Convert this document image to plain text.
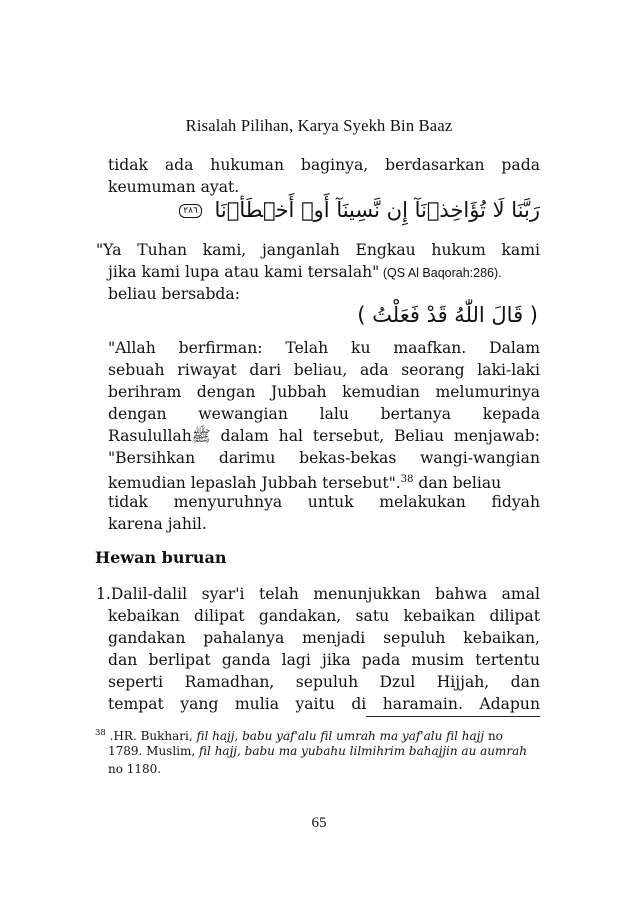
Risalah Pilihan, Karya Syekh Bin Baaz
tidak ada hukuman baginya, berdasarkan pada
keumuman ayat.
رَبَّنَا لَا تُؤَاخِذۡنَآ إِن نَّسِينَآ أَوۡ أَخۡطَأۡنَا ٢٨٦
"Ya Tuhan kami, janganlah Engkau hukum kami
jika kami lupa atau kami tersalah" (QS Al Baqorah:286).
beliau bersabda:
( قَالَ اللّٰهُ قَدْ فَعَلْتُ )
"Allah berfirman: Telah ku maafkan. Dalam
sebuah riwayat dari beliau, ada seorang laki-laki
berihram dengan Jubbah kemudian melumurinya
dengan wewangian lalu bertanya kepada
Rasulullahﷺ dalam hal tersebut, Beliau menjawab:
"Bersihkan darimu bekas-bekas wangi-wangian
kemudian lepaslah Jubbah tersebut".$^{38}$ dan beliau
tidak menyuruhnya untuk melakukan fidyah
karena jahil.
Hewan buruan
1.Dalil-dalil syar'i telah menunjukkan bahwa amal
kebaikan dilipat gandakan, satu kebaikan dilipat
gandakan pahalanya menjadi sepuluh kebaikan,
dan berlipat ganda lagi jika pada musim tertentu
seperti Ramadhan, sepuluh Dzul Hijjah, dan
tempat yang mulia yaitu di haramain. Adapun
$^{38}$ .HR. Bukhari, fil hajj, babu yaf'alu fil umrah ma yaf'alu fil hajj no
1789. Muslim, fil hajj, babu ma yubahu lilmihrim bahajjin au aumrah
no 1180.
65
